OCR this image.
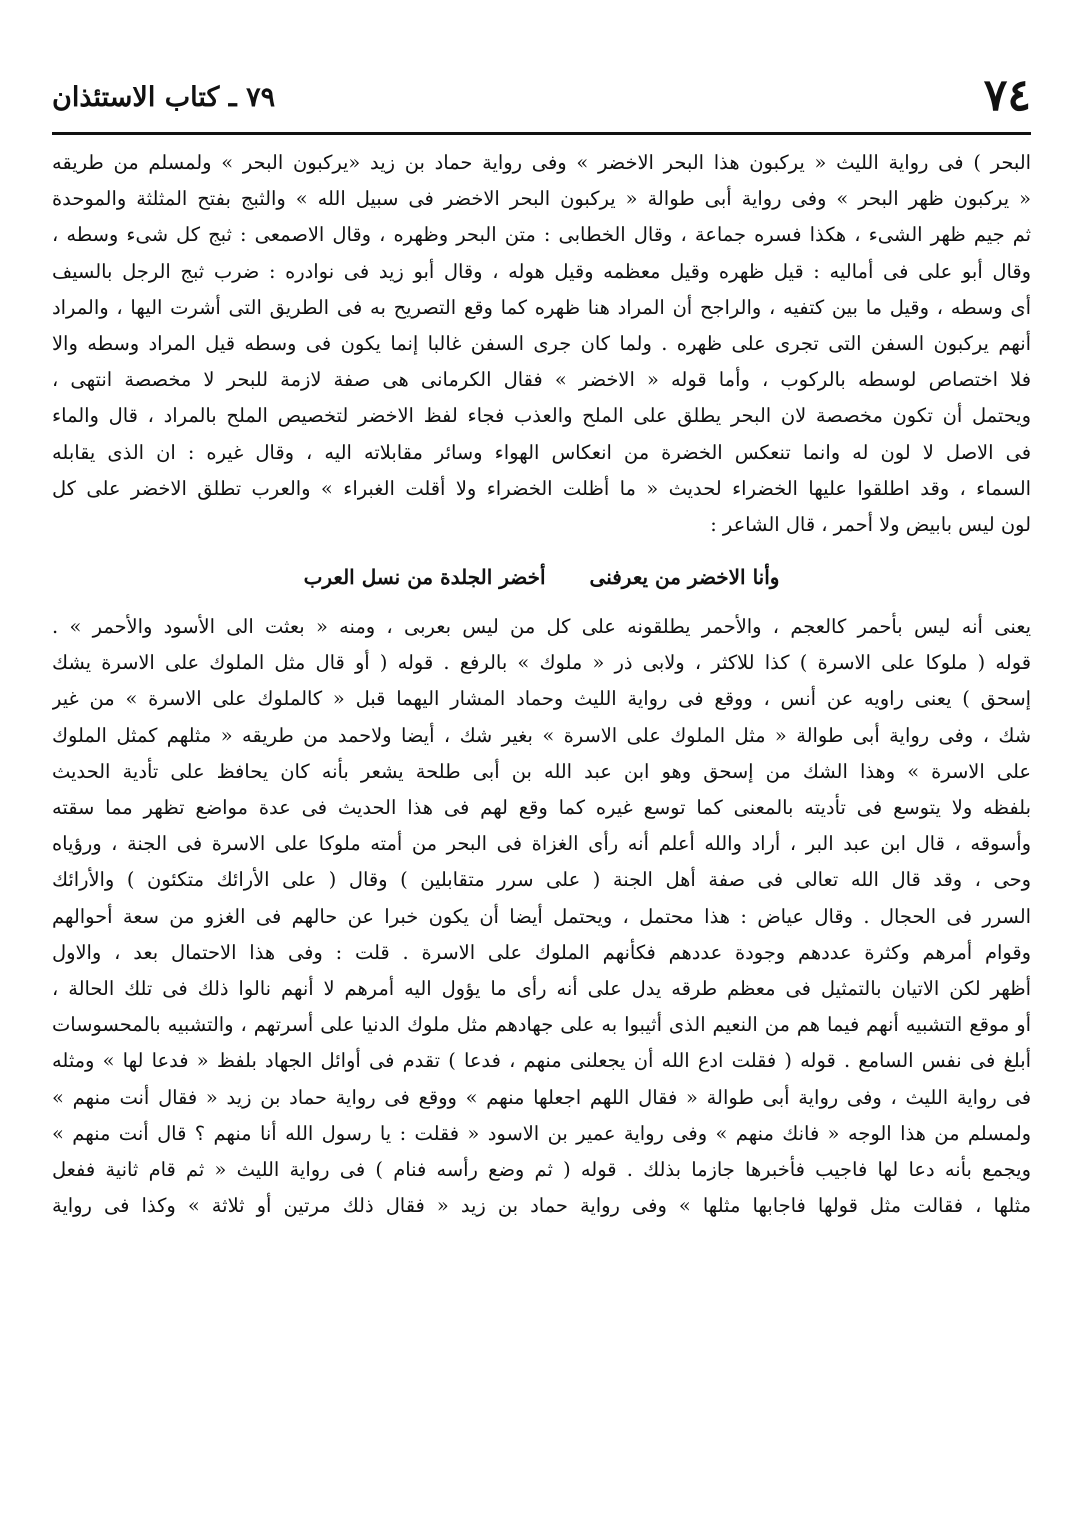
٧٤
٧٩ ـ كتاب الاستئذان
البحر ) فى رواية الليث « يركبون هذا البحر الاخضر » وفى رواية حماد بن زيد «يركبون البحر » ولمسلم من طريقه
« يركبون ظهر البحر » وفى رواية أبى طوالة « يركبون البحر الاخضر فى سبيل الله » والثبج بفتح المثلثة والموحدة
ثم جيم ظهر الشىء ، هكذا فسره جماعة ، وقال الخطابى : متن البحر وظهره ، وقال الاصمعى : ثبج كل شىء وسطه ،
وقال أبو على فى أماليه : قيل ظهره وقيل معظمه وقيل هوله ، وقال أبو زيد فى نوادره : ضرب ثبج الرجل بالسيف
أى وسطه ، وقيل ما بين كتفيه ، والراجح أن المراد هنا ظهره كما وقع التصريح به فى الطريق التى أشرت اليها ، والمراد
أنهم يركبون السفن التى تجرى على ظهره . ولما كان جرى السفن غالبا إنما يكون فى وسطه قيل المراد وسطه والا
فلا اختصاص لوسطه بالركوب ، وأما قوله « الاخضر » فقال الكرمانى هى صفة لازمة للبحر لا مخصصة انتهى ،
ويحتمل أن تكون مخصصة لان البحر يطلق على الملح والعذب فجاء لفظ الاخضر لتخصيص الملح بالمراد ، قال والماء
فى الاصل لا لون له وانما تنعكس الخضرة من انعكاس الهواء وسائر مقابلاته اليه ، وقال غيره : ان الذى يقابله
السماء ، وقد اطلقوا عليها الخضراء لحديث « ما أظلت الخضراء ولا أقلت الغبراء » والعرب تطلق الاخضر على كل
لون ليس بابيض ولا أحمر ، قال الشاعر :
وأنا الاخضر من يعرفنى
أخضر الجلدة من نسل العرب
يعنى أنه ليس بأحمر كالعجم ، والأحمر يطلقونه على كل من ليس بعربى ، ومنه « بعثت الى الأسود والأحمر » .
قوله ( ملوكا على الاسرة ) كذا للاكثر ، ولابى ذر « ملوك » بالرفع . قوله ( أو قال مثل الملوك على الاسرة يشك
إسحق ) يعنى راويه عن أنس ، ووقع فى رواية الليث وحماد المشار اليهما قبل « كالملوك على الاسرة » من غير
شك ، وفى رواية أبى طوالة « مثل الملوك على الاسرة » بغير شك ، أيضا ولاحمد من طريقه « مثلهم كمثل الملوك
على الاسرة » وهذا الشك من إسحق وهو ابن عبد الله بن أبى طلحة يشعر بأنه كان يحافظ على تأدية الحديث
بلفظه ولا يتوسع فى تأديته بالمعنى كما توسع غيره كما وقع لهم فى هذا الحديث فى عدة مواضع تظهر مما سقته
وأسوقه ، قال ابن عبد البر ، أراد والله أعلم أنه رأى الغزاة فى البحر من أمته ملوكا على الاسرة فى الجنة ، ورؤياه
وحى ، وقد قال الله تعالى فى صفة أهل الجنة ( على سرر متقابلين ) وقال ( على الأرائك متكئون ) والأرائك
السرر فى الحجال . وقال عياض : هذا محتمل ، ويحتمل أيضا أن يكون خبرا عن حالهم فى الغزو من سعة أحوالهم
وقوام أمرهم وكثرة عددهم وجودة عددهم فكأنهم الملوك على الاسرة . قلت : وفى هذا الاحتمال بعد ، والاول
أظهر لكن الاتيان بالتمثيل فى معظم طرقه يدل على أنه رأى ما يؤول اليه أمرهم لا أنهم نالوا ذلك فى تلك الحالة ،
أو موقع التشبيه أنهم فيما هم من النعيم الذى أثيبوا به على جهادهم مثل ملوك الدنيا على أسرتهم ، والتشبيه بالمحسوسات
أبلغ فى نفس السامع . قوله ( فقلت ادع الله أن يجعلنى منهم ، فدعا ) تقدم فى أوائل الجهاد بلفظ « فدعا لها » ومثله
فى رواية الليث ، وفى رواية أبى طوالة « فقال اللهم اجعلها منهم » ووقع فى رواية حماد بن زيد « فقال أنت منهم »
ولمسلم من هذا الوجه « فانك منهم » وفى رواية عمير بن الاسود « فقلت : يا رسول الله أنا منهم ؟ قال أنت منهم »
ويجمع بأنه دعا لها فاجيب فأخبرها جازما بذلك . قوله ( ثم وضع رأسه فنام ) فى رواية الليث « ثم قام ثانية ففعل
مثلها ، فقالت مثل قولها فاجابها مثلها » وفى رواية حماد بن زيد « فقال ذلك مرتين أو ثلاثة » وكذا فى رواية
